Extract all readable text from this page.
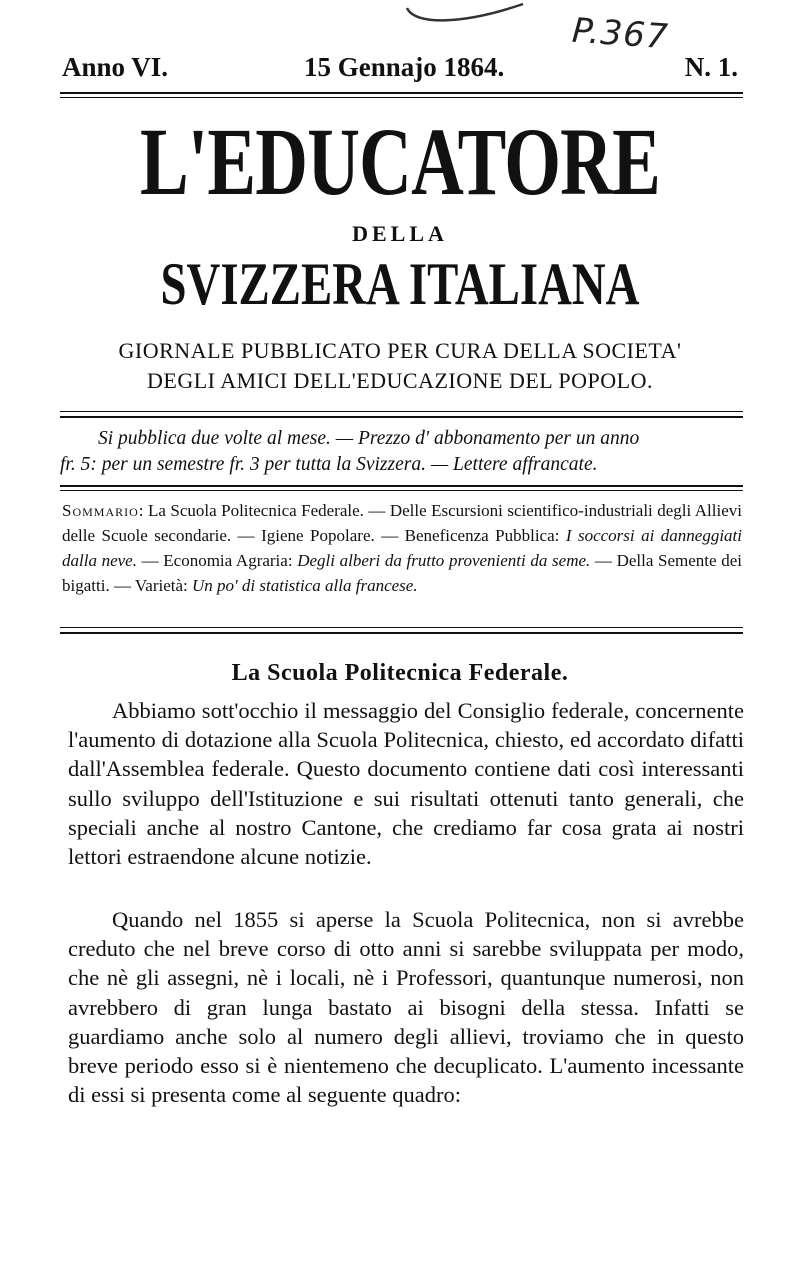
P.367
Anno VI.	15 Gennajo 1864.	N. 1.
L'EDUCATORE
DELLA
SVIZZERA ITALIANA
GIORNALE PUBBLICATO PER CURA DELLA SOCIETA'
DEGLI AMICI DELL'EDUCAZIONE DEL POPOLO.
Si pubblica due volte al mese. — Prezzo d' abbonamento per un anno
fr. 5: per un semestre fr. 3 per tutta la Svizzera. — Lettere affrancate.
Sommario: La Scuola Politecnica Federale. — Delle Escursioni scientifico-industriali degli Allievi delle Scuole secondarie. — Igiene Popolare. — Beneficenza Pubblica: I soccorsi ai danneggiati dalla neve. — Economia Agraria: Degli alberi da frutto provenienti da seme. — Della Semente dei bigatti. — Varietà: Un po' di statistica alla francese.
La Scuola Politecnica Federale.

Abbiamo sott'occhio il messaggio del Consiglio federale, concernente l'aumento di dotazione alla Scuola Politecnica, chiesto, ed accordato difatti dall'Assemblea federale. Questo documento contiene dati così interessanti sullo sviluppo dell'Istituzione e sui risultati ottenuti tanto generali, che speciali anche al nostro Cantone, che crediamo far cosa grata ai nostri lettori estraendone alcune notizie.

Quando nel 1855 si aperse la Scuola Politecnica, non si avrebbe creduto che nel breve corso di otto anni si sarebbe sviluppata per modo, che nè gli assegni, nè i locali, nè i Professori, quantunque numerosi, non avrebbero di gran lunga bastato ai bisogni della stessa. Infatti se guardiamo anche solo al numero degli allievi, troviamo che in questo breve periodo esso si è nientemeno che decuplicato. L'aumento incessante di essi si presenta come al seguente quadro:
